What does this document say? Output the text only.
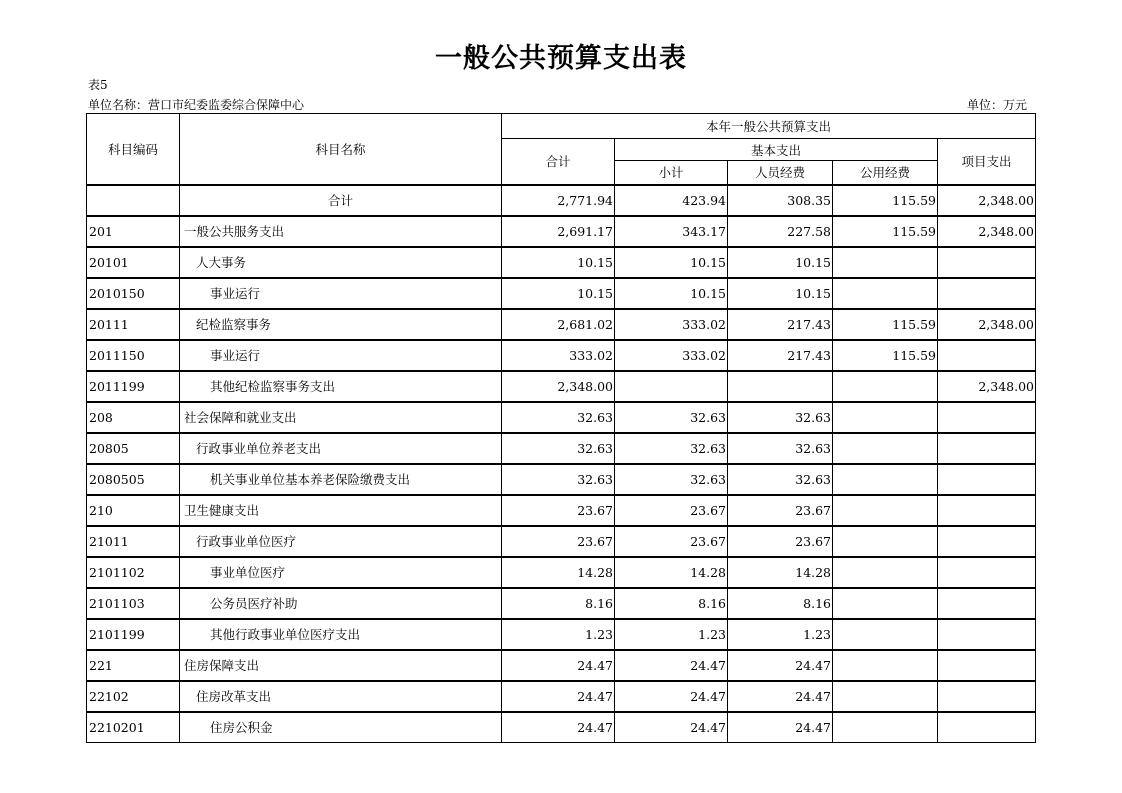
一般公共预算支出表
表5
单位名称：营口市纪委监委综合保障中心	单位：万元
科目编码	科目名称	本年一般公共预算支出				
		合计	基本支出			项目支出
			小计	人员经费	公用经费	
	合计	2,771.94	423.94	308.35	115.59	2,348.00
201	一般公共服务支出	2,691.17	343.17	227.58	115.59	2,348.00
20101	人大事务	10.15	10.15	10.15		
2010150	事业运行	10.15	10.15	10.15		
20111	纪检监察事务	2,681.02	333.02	217.43	115.59	2,348.00
2011150	事业运行	333.02	333.02	217.43	115.59	
2011199	其他纪检监察事务支出	2,348.00				2,348.00
208	社会保障和就业支出	32.63	32.63	32.63		
20805	行政事业单位养老支出	32.63	32.63	32.63		
2080505	机关事业单位基本养老保险缴费支出	32.63	32.63	32.63		
210	卫生健康支出	23.67	23.67	23.67		
21011	行政事业单位医疗	23.67	23.67	23.67		
2101102	事业单位医疗	14.28	14.28	14.28		
2101103	公务员医疗补助	8.16	8.16	8.16		
2101199	其他行政事业单位医疗支出	1.23	1.23	1.23		
221	住房保障支出	24.47	24.47	24.47		
22102	住房改革支出	24.47	24.47	24.47		
2210201	住房公积金	24.47	24.47	24.47		
